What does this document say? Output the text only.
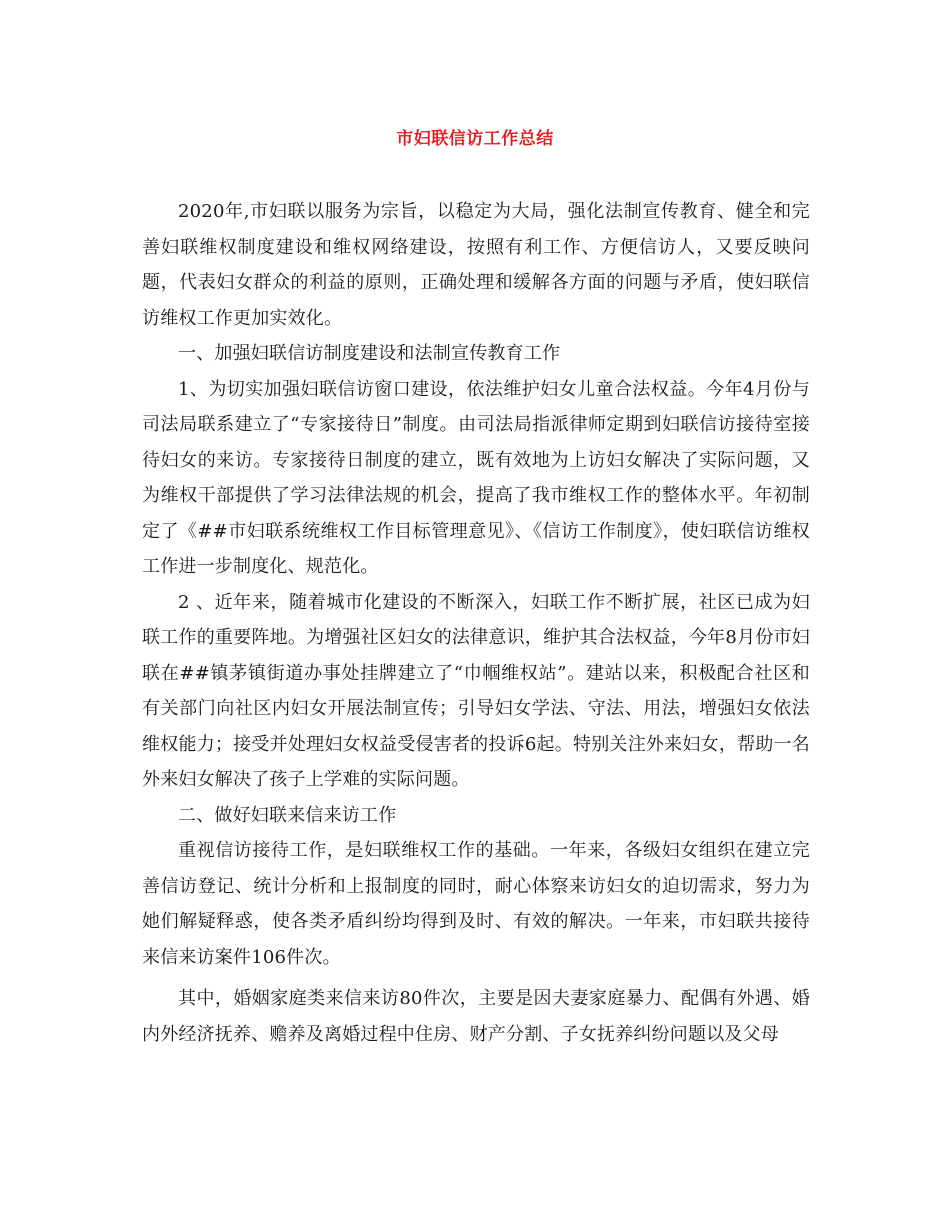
市妇联信访工作总结

2020年,市妇联以服务为宗旨，以稳定为大局，强化法制宣传教育、健全和完善妇联维权制度建设和维权网络建设，按照有利工作、方便信访人，又要反映问题，代表妇女群众的利益的原则，正确处理和缓解各方面的问题与矛盾，使妇联信访维权工作更加实效化。

一、加强妇联信访制度建设和法制宣传教育工作

1、为切实加强妇联信访窗口建设，依法维护妇女儿童合法权益。今年4月份与司法局联系建立了“专家接待日”制度。由司法局指派律师定期到妇联信访接待室接待妇女的来访。专家接待日制度的建立，既有效地为上访妇女解决了实际问题，又为维权干部提供了学习法律法规的机会，提高了我市维权工作的整体水平。年初制定了《##市妇联系统维权工作目标管理意见》、《信访工作制度》，使妇联信访维权工作进一步制度化、规范化。

2 、近年来，随着城市化建设的不断深入，妇联工作不断扩展，社区已成为妇联工作的重要阵地。为增强社区妇女的法律意识，维护其合法权益，今年8月份市妇联在##镇茅镇街道办事处挂牌建立了“巾帼维权站”。建站以来，积极配合社区和有关部门向社区内妇女开展法制宣传；引导妇女学法、守法、用法，增强妇女依法维权能力；接受并处理妇女权益受侵害者的投诉6起。特别关注外来妇女，帮助一名外来妇女解决了孩子上学难的实际问题。

二、做好妇联来信来访工作

重视信访接待工作，是妇联维权工作的基础。一年来，各级妇女组织在建立完善信访登记、统计分析和上报制度的同时，耐心体察来访妇女的迫切需求，努力为她们解疑释惑，使各类矛盾纠纷均得到及时、有效的解决。一年来，市妇联共接待来信来访案件106件次。

其中，婚姻家庭类来信来访80件次，主要是因夫妻家庭暴力、配偶有外遇、婚内外经济抚养、赡养及离婚过程中住房、财产分割、子女抚养纠纷问题以及父母
